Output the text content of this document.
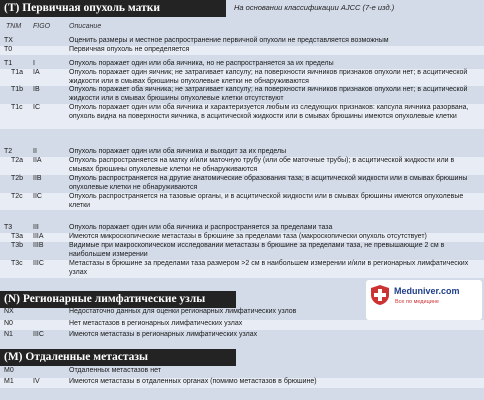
(T) Первичная опухоль матки
(N) Регионарные лимфатические узлы
(M) Отдаленные метастазы
На основании классификации AJCC (7-е изд.)
TNM FIGO	Описание
TX	Оценить размеры и местное распространение первичной опухоли не представляется возможным
T0	Первичная опухоль не определяется
T1	I	Опухоль поражает один или оба яичника, но не распространяется за их пределы
T1a IA	Опухоль поражает один яичник; не затрагивает капсулу; на поверхности яичников признаков опухоли нет; в асцитической жидкости или в смывах брюшины опухолевые клетки не обнаруживаются
T1b IB	Опухоль поражает оба яичника; не затрагивает капсулу; на поверхности яичников признаков опухоли нет; в асцитической жидкости или в смывах брюшины опухолевые клетки отсутствуют
T1c IC	Опухоль поражает один или оба яичника и характеризуется любым из следующих признаков: капсула яичника разорвана, опухоль видна на поверхности яичника, в асцитической жидкости или в смывах брюшины имеются опухолевые клетки
T2	II	Опухоль поражает один или оба яичника и выходит за их пределы
T2a IIA	Опухоль распространяется на матку и/или маточную трубу (или обе маточные трубы); в асцитической жидкости или в смывах брюшины опухолевые клетки не обнаруживаются
T2b IIB	Опухоль распространяется на другие анатомические образования таза; в асцитической жидкости или в смывах брюшины опухолевые клетки не обнаруживаются
T2c IIC	Опухоль распространяется на тазовые органы, и в асцитической жидкости или в смывах брюшины имеются опухолевые клетки
T3	III	Опухоль поражает один или оба яичника и распространяется за пределами таза
T3a IIIA	Имеются микроскопические метастазы в брюшине за пределами таза (макроскопически опухоль отсутствует)
T3b IIIB	Видимые при макроскопическом исследовании метастазы в брюшине за пределами таза, не превышающие 2 см в наибольшем измерении
T3c IIIC	Метастазы в брюшине за пределами таза размером >2 см в наибольшем измерении и/или в регионарных лимфатических узлах
NX	Недостаточно данных для оценки регионарных лимфатических узлов
N0	Нет метастазов в регионарных лимфатических узлах
N1	IIIC	Имеются метастазы в регионарных лимфатических узлах
M0	Отдаленных метастазов нет
M1	IV	Имеются метастазы в отдаленных органах (помимо метастазов в брюшине)
Meduniver.com
Все по медицине
